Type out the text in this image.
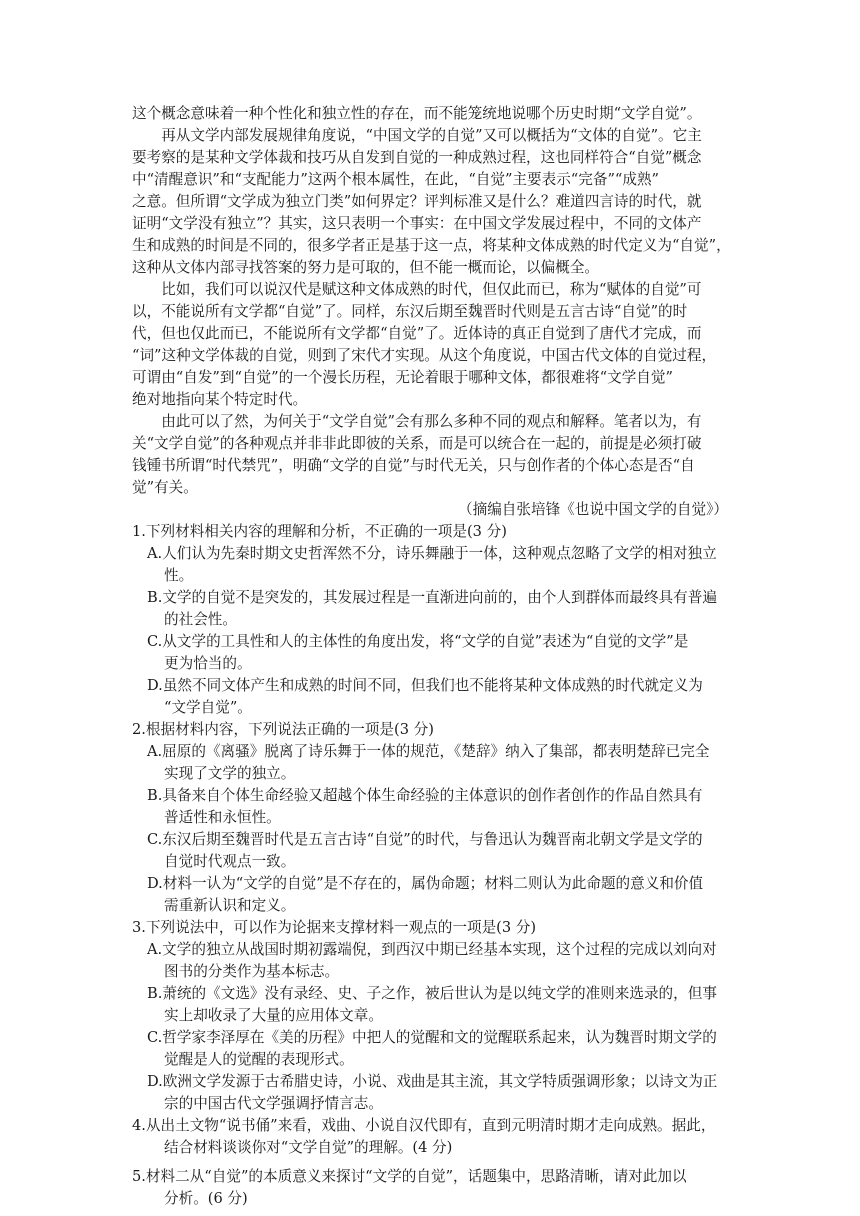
这个概念意味着一种个性化和独立性的存在，而不能笼统地说哪个历史时期“文学自觉”。
　　再从文学内部发展规律角度说，“中国文学的自觉”又可以概括为“文体的自觉”。它主
要考察的是某种文学体裁和技巧从自发到自觉的一种成熟过程，这也同样符合“自觉”概念
中“清醒意识”和“支配能力”这两个根本属性，在此，“自觉”主要表示“完备”“成熟”
之意。但所谓“文学成为独立门类”如何界定？评判标准又是什么？难道四言诗的时代，就
证明“文学没有独立”？其实，这只表明一个事实：在中国文学发展过程中，不同的文体产
生和成熟的时间是不同的，很多学者正是基于这一点，将某种文体成熟的时代定义为“自觉”，
这种从文体内部寻找答案的努力是可取的，但不能一概而论，以偏概全。
　　比如，我们可以说汉代是赋这种文体成熟的时代，但仅此而已，称为“赋体的自觉”可
以，不能说所有文学都“自觉”了。同样，东汉后期至魏晋时代则是五言古诗“自觉”的时
代，但也仅此而已，不能说所有文学都“自觉”了。近体诗的真正自觉到了唐代才完成，而
“词”这种文学体裁的自觉，则到了宋代才实现。从这个角度说，中国古代文体的自觉过程，
可谓由“自发”到“自觉”的一个漫长历程，无论着眼于哪种文体，都很难将“文学自觉”
绝对地指向某个特定时代。
　　由此可以了然，为何关于“文学自觉”会有那么多种不同的观点和解释。笔者以为，有
关“文学自觉”的各种观点并非非此即彼的关系，而是可以统合在一起的，前提是必须打破
钱锺书所谓“时代禁咒”，明确“文学的自觉”与时代无关，只与创作者的个体心态是否“自
觉”有关。
（摘编自张培锋《也说中国文学的自觉》）
1.下列材料相关内容的理解和分析，不正确的一项是(3 分)
A.人们认为先秦时期文史哲浑然不分，诗乐舞融于一体，这种观点忽略了文学的相对独立
性。
B.文学的自觉不是突发的，其发展过程是一直渐进向前的，由个人到群体而最终具有普遍
的社会性。
C.从文学的工具性和人的主体性的角度出发，将“文学的自觉”表述为“自觉的文学”是
更为恰当的。
D.虽然不同文体产生和成熟的时间不同，但我们也不能将某种文体成熟的时代就定义为
“文学自觉”。
2.根据材料内容，下列说法正确的一项是(3 分)
A.屈原的《离骚》脱离了诗乐舞于一体的规范，《楚辞》纳入了集部，都表明楚辞已完全
实现了文学的独立。
B.具备来自个体生命经验又超越个体生命经验的主体意识的创作者创作的作品自然具有
普适性和永恒性。
C.东汉后期至魏晋时代是五言古诗“自觉”的时代，与鲁迅认为魏晋南北朝文学是文学的
自觉时代观点一致。
D.材料一认为“文学的自觉”是不存在的，属伪命题；材料二则认为此命题的意义和价值
需重新认识和定义。
3.下列说法中，可以作为论据来支撑材料一观点的一项是(3 分)
A.文学的独立从战国时期初露端倪，到西汉中期已经基本实现，这个过程的完成以刘向对
图书的分类作为基本标志。
B.萧统的《文选》没有录经、史、子之作，被后世认为是以纯文学的准则来选录的，但事
实上却收录了大量的应用体文章。
C.哲学家李泽厚在《美的历程》中把人的觉醒和文的觉醒联系起来，认为魏晋时期文学的
觉醒是人的觉醒的表现形式。
D.欧洲文学发源于古希腊史诗，小说、戏曲是其主流，其文学特质强调形象；以诗文为正
宗的中国古代文学强调抒情言志。
4.从出土文物“说书俑”来看，戏曲、小说自汉代即有，直到元明清时期才走向成熟。据此，
结合材料谈谈你对“文学自觉”的理解。(4 分)
5.材料二从“自觉”的本质意义来探讨“文学的自觉”，话题集中，思路清晰，请对此加以
分析。(6 分)
